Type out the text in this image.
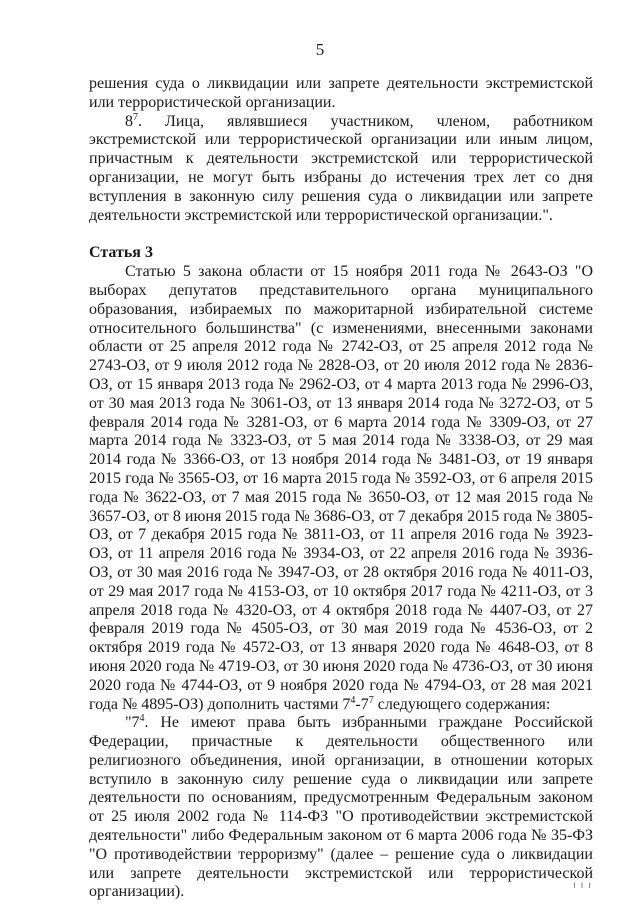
5

решения суда о ликвидации или запрете деятельности экстремистской или террористической организации.

$8^7$. Лица, являвшиеся участником, членом, работником экстремистской или террористической организации или иным лицом, причастным к деятельности экстремистской или террористической организации, не могут быть избраны до истечения трех лет со дня вступления в законную силу решения суда о ликвидации или запрете деятельности экстремистской или террористической организации.".

Статья 3

Статью 5 закона области от 15 ноября 2011 года № 2643-ОЗ "О выборах депутатов представительного органа муниципального образования, избираемых по мажоритарной избирательной системе относительного большинства" (с изменениями, внесенными законами области от 25 апреля 2012 года № 2742-ОЗ, от 25 апреля 2012 года № 2743-ОЗ, от 9 июля 2012 года № 2828-ОЗ, от 20 июля 2012 года № 2836-ОЗ, от 15 января 2013 года № 2962-ОЗ, от 4 марта 2013 года № 2996-ОЗ, от 30 мая 2013 года № 3061-ОЗ, от 13 января 2014 года № 3272-ОЗ, от 5 февраля 2014 года № 3281-ОЗ, от 6 марта 2014 года № 3309-ОЗ, от 27 марта 2014 года № 3323-ОЗ, от 5 мая 2014 года № 3338-ОЗ, от 29 мая 2014 года № 3366-ОЗ, от 13 ноября 2014 года № 3481-ОЗ, от 19 января 2015 года № 3565-ОЗ, от 16 марта 2015 года № 3592-ОЗ, от 6 апреля 2015 года № 3622-ОЗ, от 7 мая 2015 года № 3650-ОЗ, от 12 мая 2015 года № 3657-ОЗ, от 8 июня 2015 года № 3686-ОЗ, от 7 декабря 2015 года № 3805-ОЗ, от 7 декабря 2015 года № 3811-ОЗ, от 11 апреля 2016 года № 3923-ОЗ, от 11 апреля 2016 года № 3934-ОЗ, от 22 апреля 2016 года № 3936-ОЗ, от 30 мая 2016 года № 3947-ОЗ, от 28 октября 2016 года № 4011-ОЗ, от 29 мая 2017 года № 4153-ОЗ, от 10 октября 2017 года № 4211-ОЗ, от 3 апреля 2018 года № 4320-ОЗ, от 4 октября 2018 года № 4407-ОЗ, от 27 февраля 2019 года № 4505-ОЗ, от 30 мая 2019 года № 4536-ОЗ, от 2 октября 2019 года № 4572-ОЗ, от 13 января 2020 года № 4648-ОЗ, от 8 июня 2020 года № 4719-ОЗ, от 30 июня 2020 года № 4736-ОЗ, от 30 июня 2020 года № 4744-ОЗ, от 9 ноября 2020 года № 4794-ОЗ, от 28 мая 2021 года № 4895-ОЗ) дополнить частями $7^4-7^7$ следующего содержания:

"$7^4$. Не имеют права быть избранными граждане Российской Федерации, причастные к деятельности общественного или религиозного объединения, иной организации, в отношении которых вступило в законную силу решение суда о ликвидации или запрете деятельности по основаниям, предусмотренным Федеральным законом от 25 июля 2002 года № 114-ФЗ "О противодействии экстремистской деятельности" либо Федеральным законом от 6 марта 2006 года № 35-ФЗ "О противодействии терроризму" (далее – решение суда о ликвидации или запрете деятельности экстремистской или террористической организации).	ı ı ı
